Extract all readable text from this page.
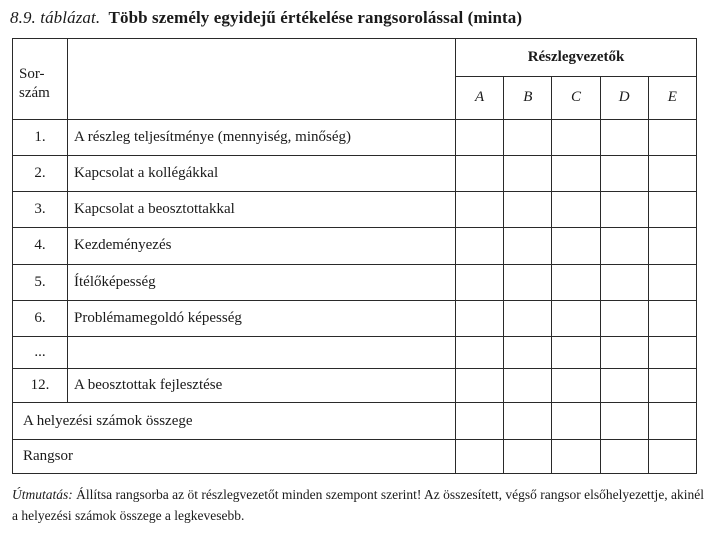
8.9. táblázat. Több személy egyidejű értékelése rangsorolással (minta)
Sor-
szám		Részlegvezetők				
		A	B	C	D	E
1.	A részleg teljesítménye (mennyiség, minőség)					
2.	Kapcsolat a kollégákkal					
3.	Kapcsolat a beosztottakkal					
4.	Kezdeményezés					
5.	Ítélőképesség					
6.	Problémamegoldó képesség					
...						
12.	A beosztottak fejlesztése					
A helyezési számok összege						
Rangsor						
Útmutatás: Állítsa rangsorba az öt részlegvezetőt minden szempont szerint! Az összesített, végső rangsor elsőhelyezettje, akinél a helyezési számok összege a legkevesebb.
